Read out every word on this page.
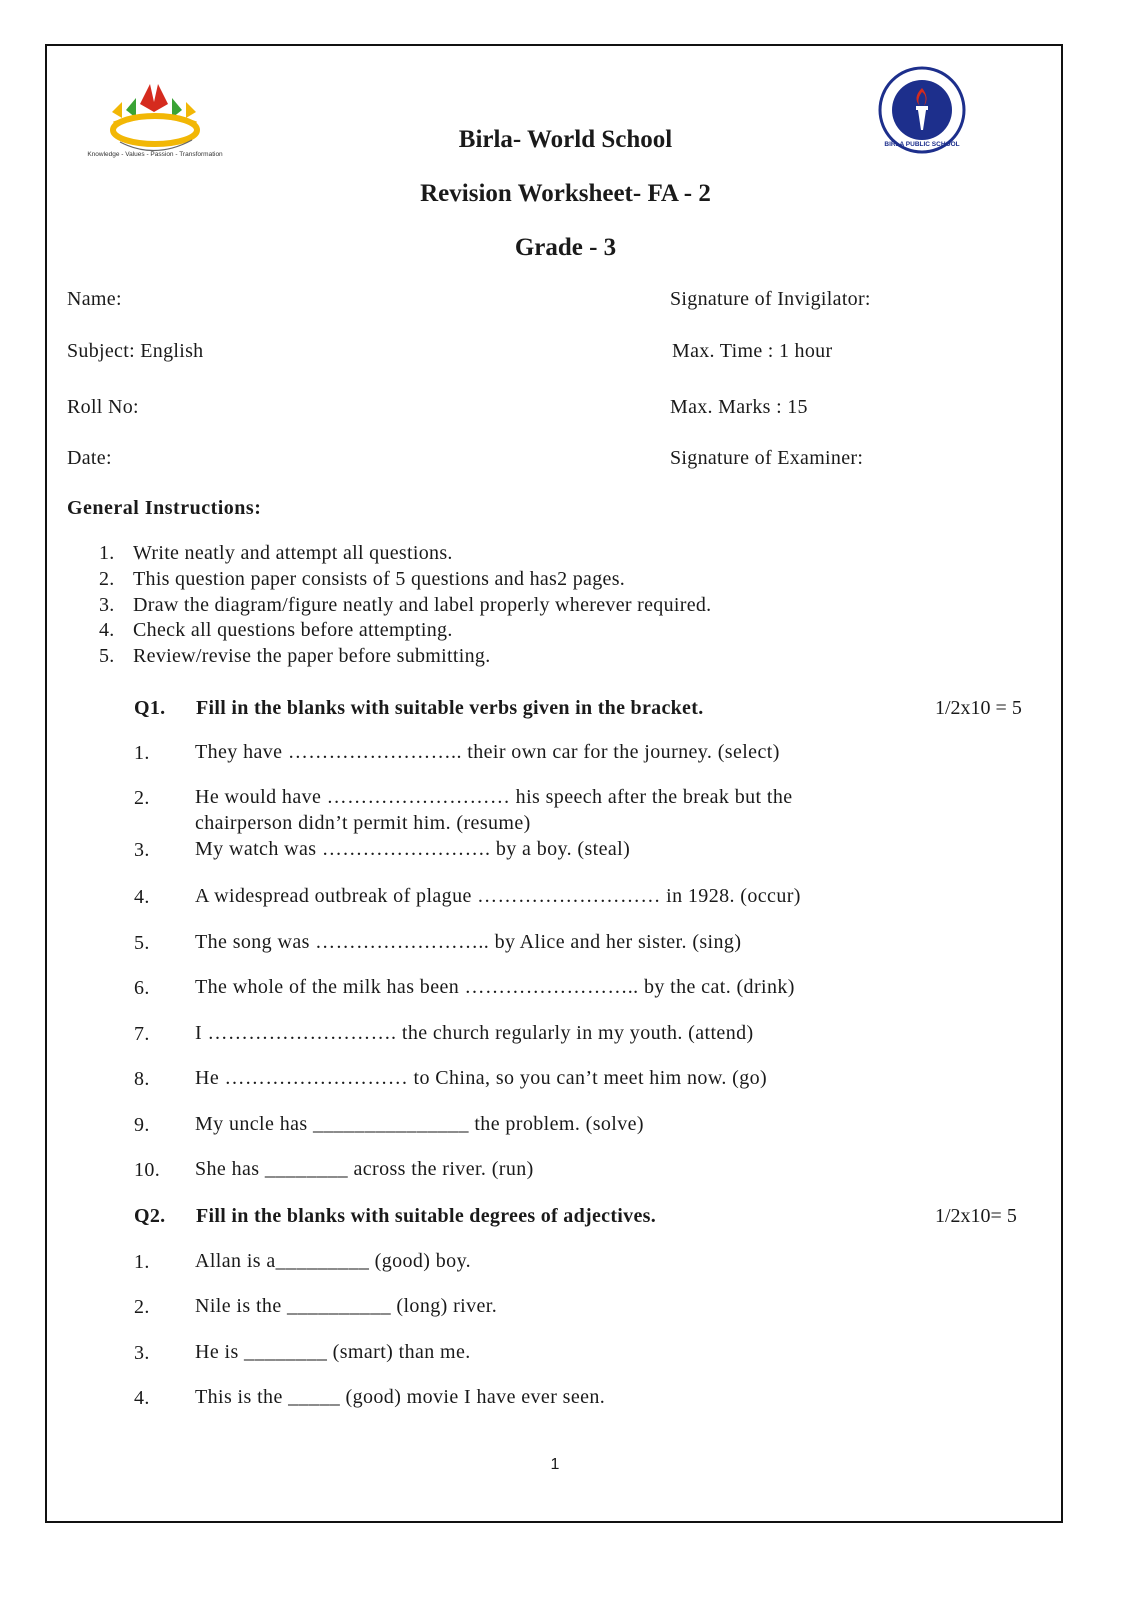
Knowledge - Values - Passion - Transformation
BIRLA PUBLIC SCHOOL
Birla- World School
Revision Worksheet- FA - 2
Grade - 3
Name:
Subject: English
Roll No:
Date:
Signature of Invigilator:
Max. Time : 1 hour
Max. Marks : 15
Signature of Examiner:
General Instructions:
1. Write neatly and attempt all questions.
2. This question paper consists of 5 questions and has2 pages.
3. Draw the diagram/figure neatly and label properly wherever required.
4. Check all questions before attempting.
5. Review/revise the paper before submitting.
Q1. Fill in the blanks with suitable verbs given in the bracket.	1/2x10 = 5
1. They have …………………….. their own car for the journey. (select)
2. He would have ……………………… his speech after the break but the chairperson didn’t permit him. (resume)
3. My watch was ……………………. by a boy. (steal)
4. A widespread outbreak of plague ……………………… in 1928. (occur)
5. The song was …………………….. by Alice and her sister. (sing)
6. The whole of the milk has been …………………….. by the cat. (drink)
7. I ………………………. the church regularly in my youth. (attend)
8. He ……………………… to China, so you can’t meet him now. (go)
9. My uncle has _______________ the problem. (solve)
10. She has ________ across the river. (run)
Q2. Fill in the blanks with suitable degrees of adjectives.	1/2x10= 5
1. Allan is a_________ (good) boy.
2. Nile is the __________ (long) river.
3. He is ________ (smart) than me.
4. This is the _____ (good) movie I have ever seen.
1
